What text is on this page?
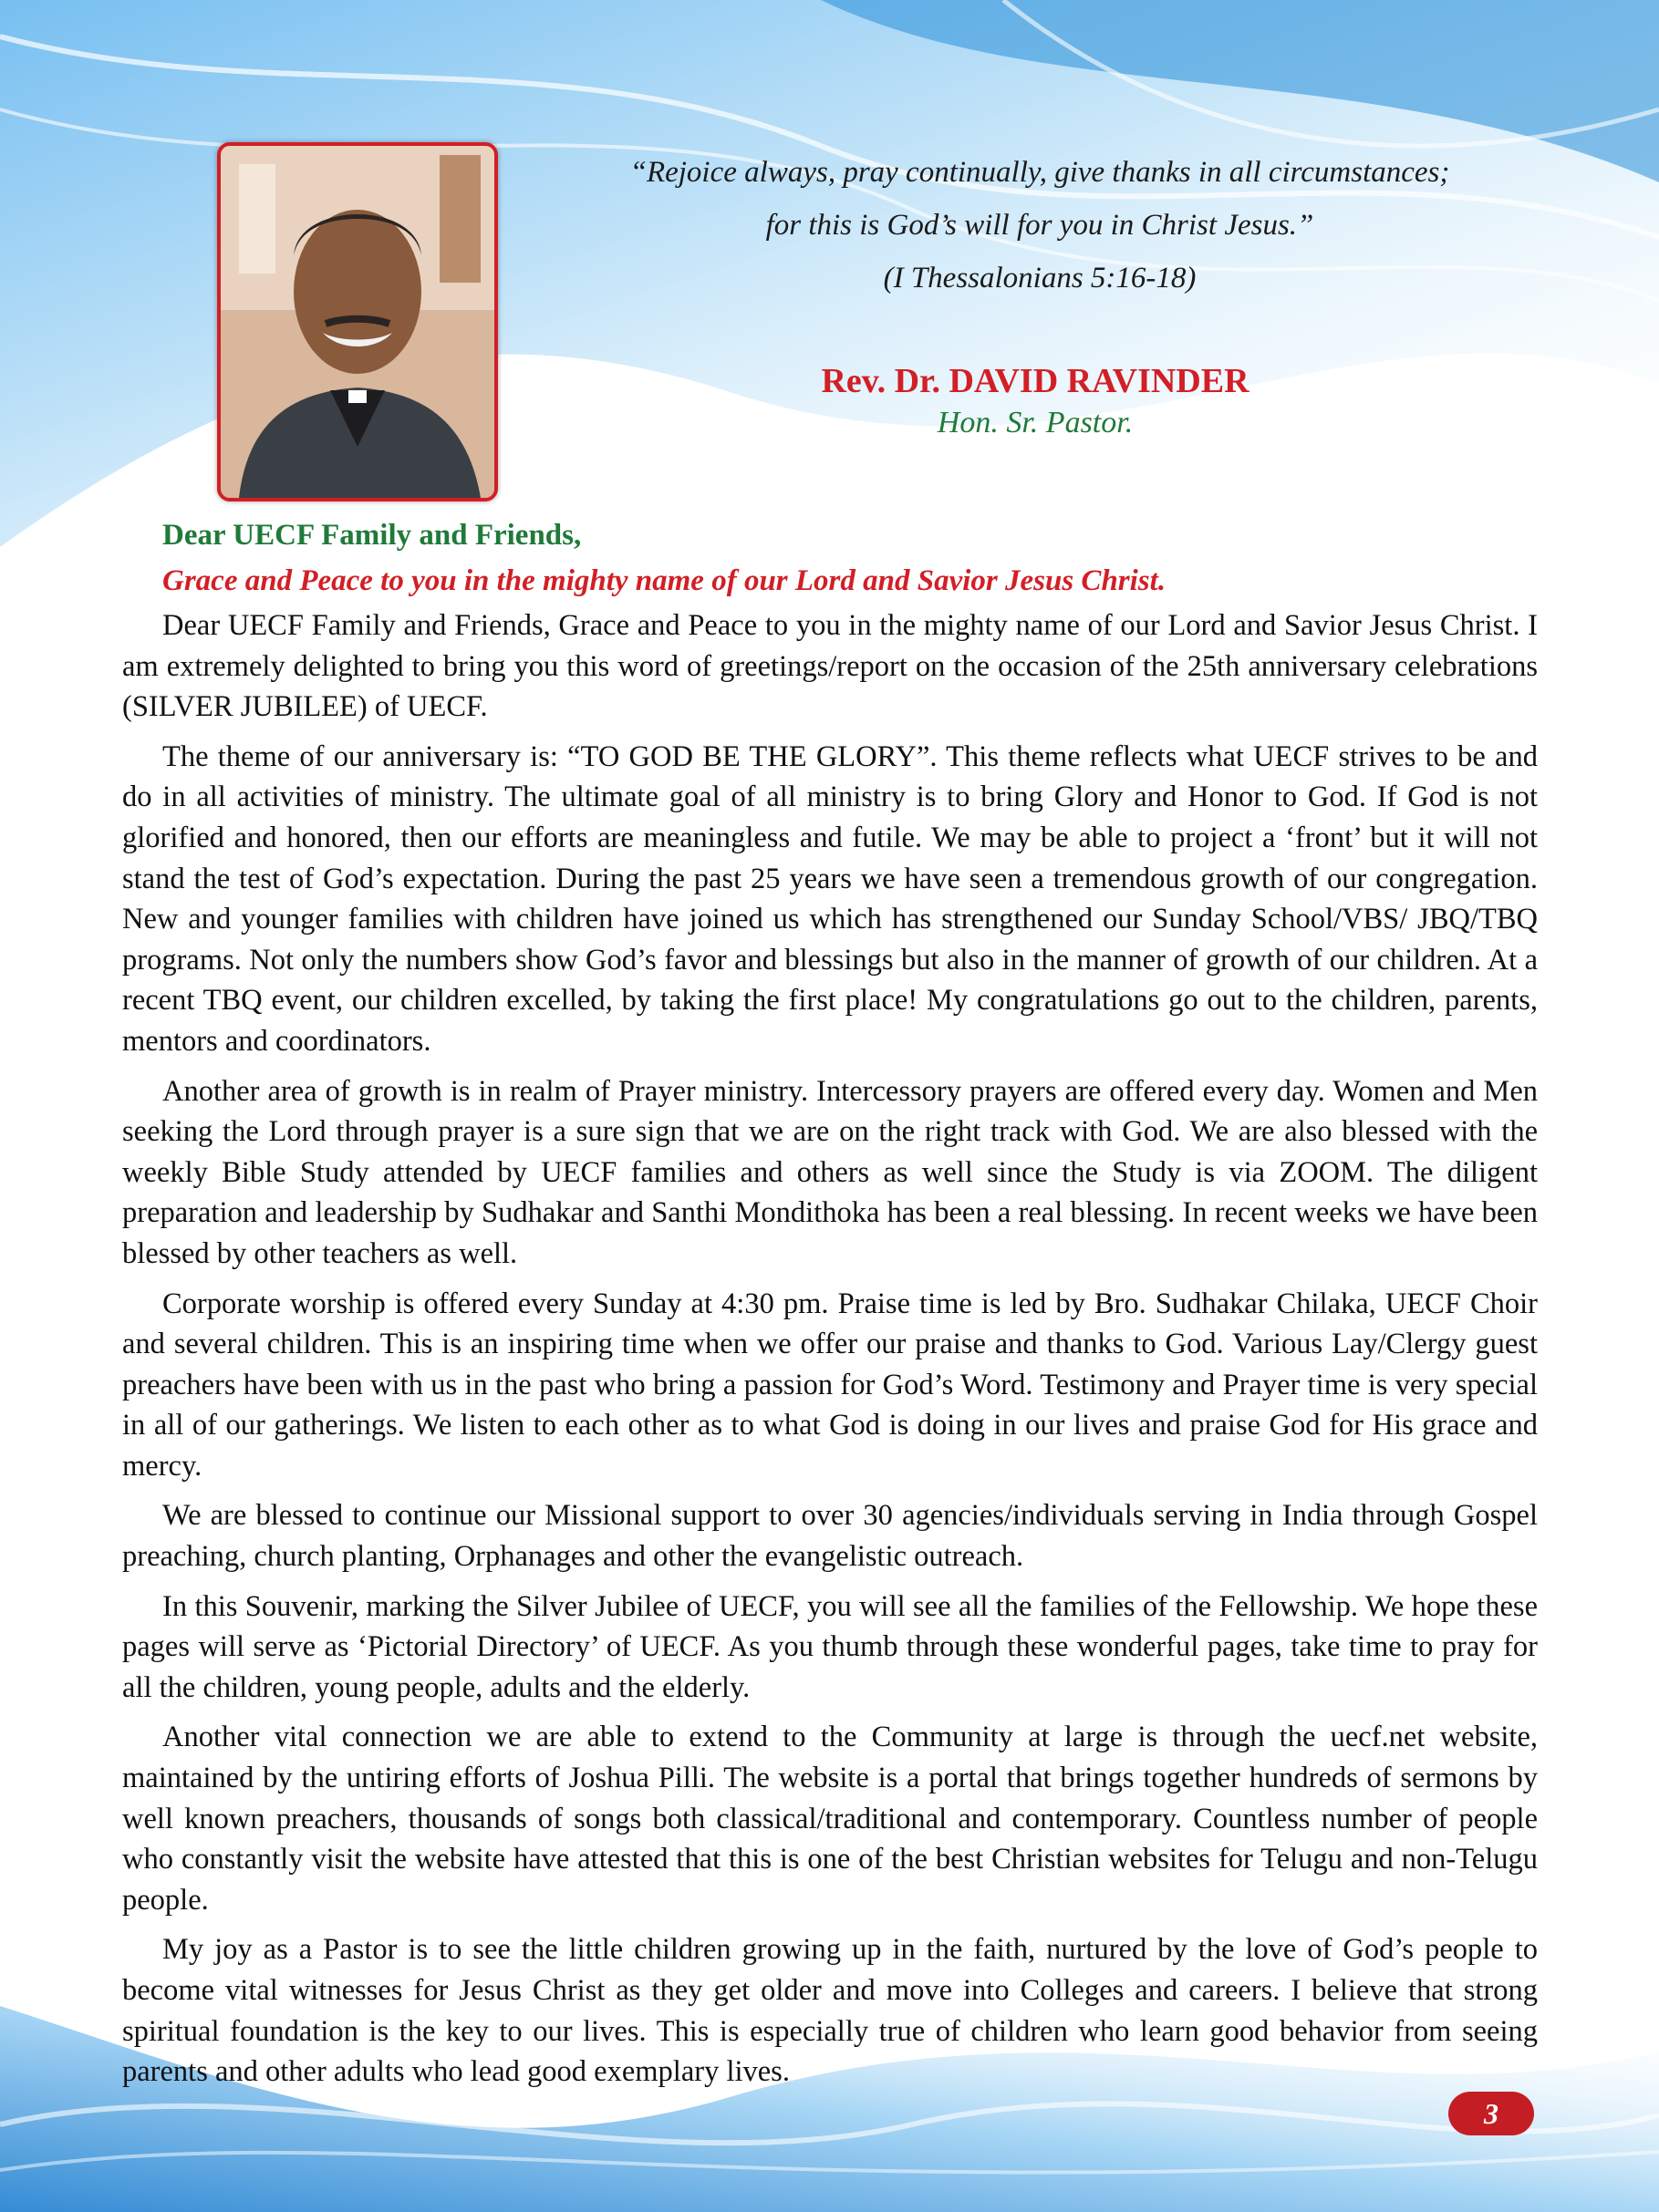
“Rejoice always, pray continually, give thanks in all circumstances;

for this is God’s will for you in Christ Jesus.”

(I Thessalonians 5:16-18)

Rev. Dr. DAVID RAVINDER
Hon. Sr. Pastor.

Dear UECF Family and Friends,

Grace and Peace to you in the mighty name of our Lord and Savior Jesus Christ.

Dear UECF Family and Friends, Grace and Peace to you in the mighty name of our Lord and Savior Jesus Christ. I am extremely delighted to bring you this word of greetings/report on the occasion of the 25th anniversary celebrations (SILVER JUBILEE) of UECF.

The theme of our anniversary is: “TO GOD BE THE GLORY”. This theme reflects what UECF strives to be and do in all activities of ministry. The ultimate goal of all ministry is to bring Glory and Honor to God. If God is not glorified and honored, then our efforts are meaningless and futile. We may be able to project a ‘front’ but it will not stand the test of God’s expectation. During the past 25 years we have seen a tremendous growth of our congregation. New and younger families with children have joined us which has strengthened our Sunday School/VBS/ JBQ/TBQ programs. Not only the numbers show God’s favor and blessings but also in the manner of growth of our children. At a recent TBQ event, our children excelled, by taking the first place! My congratulations go out to the children, parents, mentors and coordinators.

Another area of growth is in realm of Prayer ministry. Intercessory prayers are offered every day. Women and Men seeking the Lord through prayer is a sure sign that we are on the right track with God. We are also blessed with the weekly Bible Study attended by UECF families and others as well since the Study is via ZOOM. The diligent preparation and leadership by Sudhakar and Santhi Mondithoka has been a real blessing. In recent weeks we have been blessed by other teachers as well.

Corporate worship is offered every Sunday at 4:30 pm. Praise time is led by Bro. Sudhakar Chilaka, UECF Choir and several children. This is an inspiring time when we offer our praise and thanks to God. Various Lay/Clergy guest preachers have been with us in the past who bring a passion for God’s Word. Testimony and Prayer time is very special in all of our gatherings. We listen to each other as to what God is doing in our lives and praise God for His grace and mercy.

We are blessed to continue our Missional support to over 30 agencies/individuals serving in India through Gospel preaching, church planting, Orphanages and other the evangelistic outreach.

In this Souvenir, marking the Silver Jubilee of UECF, you will see all the families of the Fellowship. We hope these pages will serve as ‘Pictorial Directory’ of UECF. As you thumb through these wonderful pages, take time to pray for all the children, young people, adults and the elderly.

Another vital connection we are able to extend to the Community at large is through the uecf.net website, maintained by the untiring efforts of Joshua Pilli. The website is a portal that brings together hundreds of sermons by well known preachers, thousands of songs both classical/traditional and contemporary. Countless number of people who constantly visit the website have attested that this is one of the best Christian websites for Telugu and non-Telugu people.

My joy as a Pastor is to see the little children growing up in the faith, nurtured by the love of God’s people to become vital witnesses for Jesus Christ as they get older and move into Colleges and careers. I believe that strong spiritual foundation is the key to our lives. This is especially true of children who learn good behavior from seeing parents and other adults who lead good exemplary lives.

3
